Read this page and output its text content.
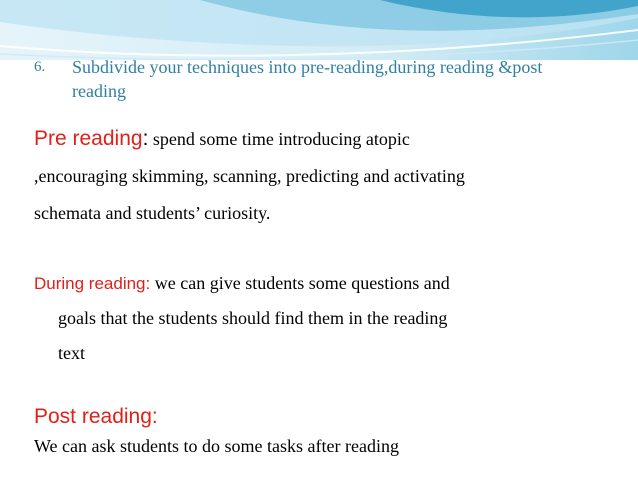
6. Subdivide your techniques into pre-reading,during reading &post reading
Pre reading: spend some time introducing atopic
,encouraging skimming, scanning, predicting and activating
schemata and students’ curiosity.
During reading: we can give students some questions and
goals that the students should find them in the reading
text
Post reading:
We can ask students to do some tasks after reading
